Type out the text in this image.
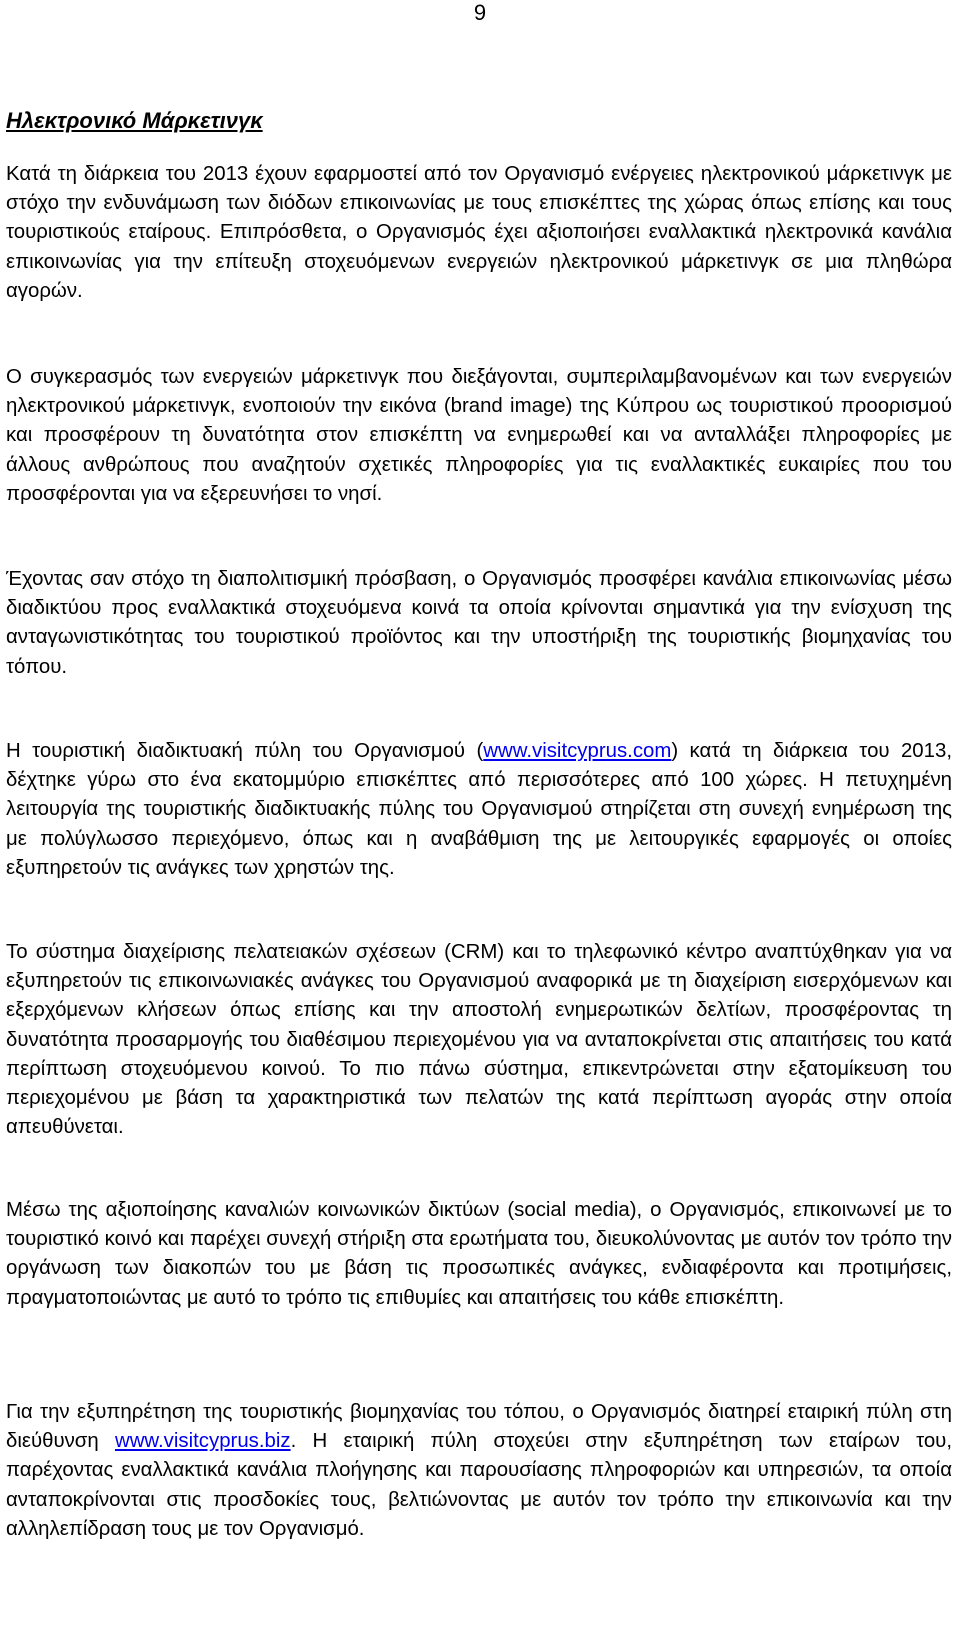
9
Ηλεκτρονικό Μάρκετινγκ

Κατά τη διάρκεια του 2013 έχουν εφαρμοστεί από τον Οργανισμό ενέργειες ηλεκτρονικού μάρκετινγκ με στόχο την ενδυνάμωση των διόδων επικοινωνίας με τους επισκέπτες της χώρας όπως επίσης και τους τουριστικούς εταίρους. Επιπρόσθετα, ο Οργανισμός έχει αξιοποιήσει εναλλακτικά ηλεκτρονικά κανάλια επικοινωνίας για την επίτευξη στοχευόμενων ενεργειών ηλεκτρονικού μάρκετινγκ σε μια πληθώρα αγορών.

Ο συγκερασμός των ενεργειών μάρκετινγκ που διεξάγονται, συμπεριλαμβανομένων και των ενεργειών ηλεκτρονικού μάρκετινγκ, ενοποιούν την εικόνα (brand image) της Κύπρου ως τουριστικού προορισμού και προσφέρουν τη δυνατότητα στον επισκέπτη να ενημερωθεί και να ανταλλάξει πληροφορίες με άλλους ανθρώπους που αναζητούν σχετικές πληροφορίες για τις εναλλακτικές ευκαιρίες που του προσφέρονται για να εξερευνήσει το νησί.

Έχοντας σαν στόχο τη διαπολιτισμική πρόσβαση, ο Οργανισμός προσφέρει κανάλια επικοινωνίας μέσω διαδικτύου προς εναλλακτικά στοχευόμενα κοινά τα οποία κρίνονται σημαντικά για την ενίσχυση της ανταγωνιστικότητας του τουριστικού προϊόντος και την υποστήριξη της τουριστικής βιομηχανίας του τόπου.

Η τουριστική διαδικτυακή πύλη του Οργανισμού (www.visitcyprus.com) κατά τη διάρκεια του 2013, δέχτηκε γύρω στο ένα εκατομμύριο επισκέπτες από περισσότερες από 100 χώρες. Η πετυχημένη λειτουργία της τουριστικής διαδικτυακής πύλης του Οργανισμού στηρίζεται στη συνεχή ενημέρωση της με πολύγλωσσο περιεχόμενο, όπως και η αναβάθμιση της με λειτουργικές εφαρμογές οι οποίες εξυπηρετούν τις ανάγκες των χρηστών της.

Το σύστημα διαχείρισης πελατειακών σχέσεων (CRM) και το τηλεφωνικό κέντρο αναπτύχθηκαν για να εξυπηρετούν τις επικοινωνιακές ανάγκες του Οργανισμού αναφορικά με τη διαχείριση εισερχόμενων και εξερχόμενων κλήσεων όπως επίσης και την αποστολή ενημερωτικών δελτίων, προσφέροντας τη δυνατότητα προσαρμογής του διαθέσιμου περιεχομένου για να ανταποκρίνεται στις απαιτήσεις του κατά περίπτωση στοχευόμενου κοινού. Το πιο πάνω σύστημα, επικεντρώνεται στην εξατομίκευση του περιεχομένου με βάση τα χαρακτηριστικά των πελατών της κατά περίπτωση αγοράς στην οποία απευθύνεται.

Μέσω της αξιοποίησης καναλιών κοινωνικών δικτύων (social media), ο Οργανισμός, επικοινωνεί με το τουριστικό κοινό και παρέχει συνεχή στήριξη στα ερωτήματα του, διευκολύνοντας με αυτόν τον τρόπο την οργάνωση των διακοπών του με βάση τις προσωπικές ανάγκες, ενδιαφέροντα και προτιμήσεις, πραγματοποιώντας με αυτό το τρόπο τις επιθυμίες και απαιτήσεις του κάθε επισκέπτη.

Για την εξυπηρέτηση της τουριστικής βιομηχανίας του τόπου, ο Οργανισμός διατηρεί εταιρική πύλη στη διεύθυνση www.visitcyprus.biz. Η εταιρική πύλη στοχεύει στην εξυπηρέτηση των εταίρων του, παρέχοντας εναλλακτικά κανάλια πλοήγησης και παρουσίασης πληροφοριών και υπηρεσιών, τα οποία ανταποκρίνονται στις προσδοκίες τους, βελτιώνοντας με αυτόν τον τρόπο την επικοινωνία και την αλληλεπίδραση τους με τον Οργανισμό.
